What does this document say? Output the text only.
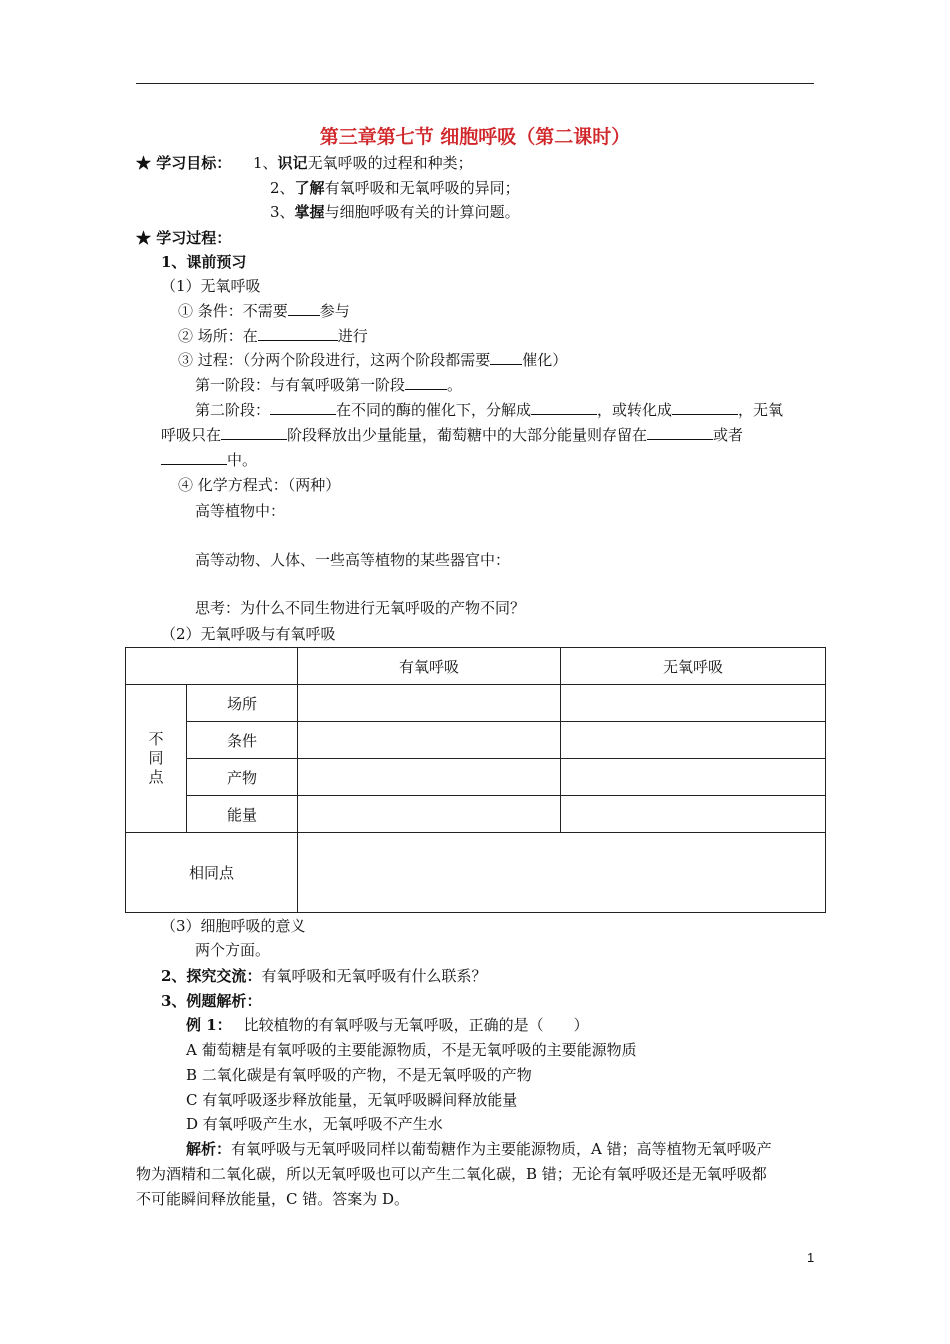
第三章第七节 细胞呼吸（第二课时）
★ 学习目标： 1、识记无氧呼吸的过程和种类；
2、了解有氧呼吸和无氧呼吸的异同；
3、掌握与细胞呼吸有关的计算问题。
★ 学习过程：
1、课前预习
（1）无氧呼吸
① 条件：不需要 参与
② 场所：在	进行
③ 过程：（分两个阶段进行，这两个阶段都需要 催化）
第一阶段：与有氧呼吸第一阶段	。
第二阶段：	在不同的酶的催化下，分解成	，或转化成	，无氧
呼吸只在	阶段释放出少量能量，葡萄糖中的大部分能量则存留在	或者
中。
④ 化学方程式：（两种）
高等植物中：
高等动物、人体、一些高等植物的某些器官中：
思考：为什么不同生物进行无氧呼吸的产物不同？
（2）无氧呼吸与有氧呼吸
		有氧呼吸	无氧呼吸
不同点	场所		
	条件		
	产物		
	能量		
相同点			
（3）细胞呼吸的意义
两个方面。
2、探究交流：有氧呼吸和无氧呼吸有什么联系？
3、例题解析：
例 1： 比较植物的有氧呼吸与无氧呼吸，正确的是（　　）
A 葡萄糖是有氧呼吸的主要能源物质，不是无氧呼吸的主要能源物质
B 二氧化碳是有氧呼吸的产物，不是无氧呼吸的产物
C 有氧呼吸逐步释放能量，无氧呼吸瞬间释放能量
D 有氧呼吸产生水，无氧呼吸不产生水
解析：有氧呼吸与无氧呼吸同样以葡萄糖作为主要能源物质，A 错；高等植物无氧呼吸产
物为酒精和二氧化碳，所以无氧呼吸也可以产生二氧化碳，B 错；无论有氧呼吸还是无氧呼吸都
不可能瞬间释放能量，C 错。答案为 D。
1
